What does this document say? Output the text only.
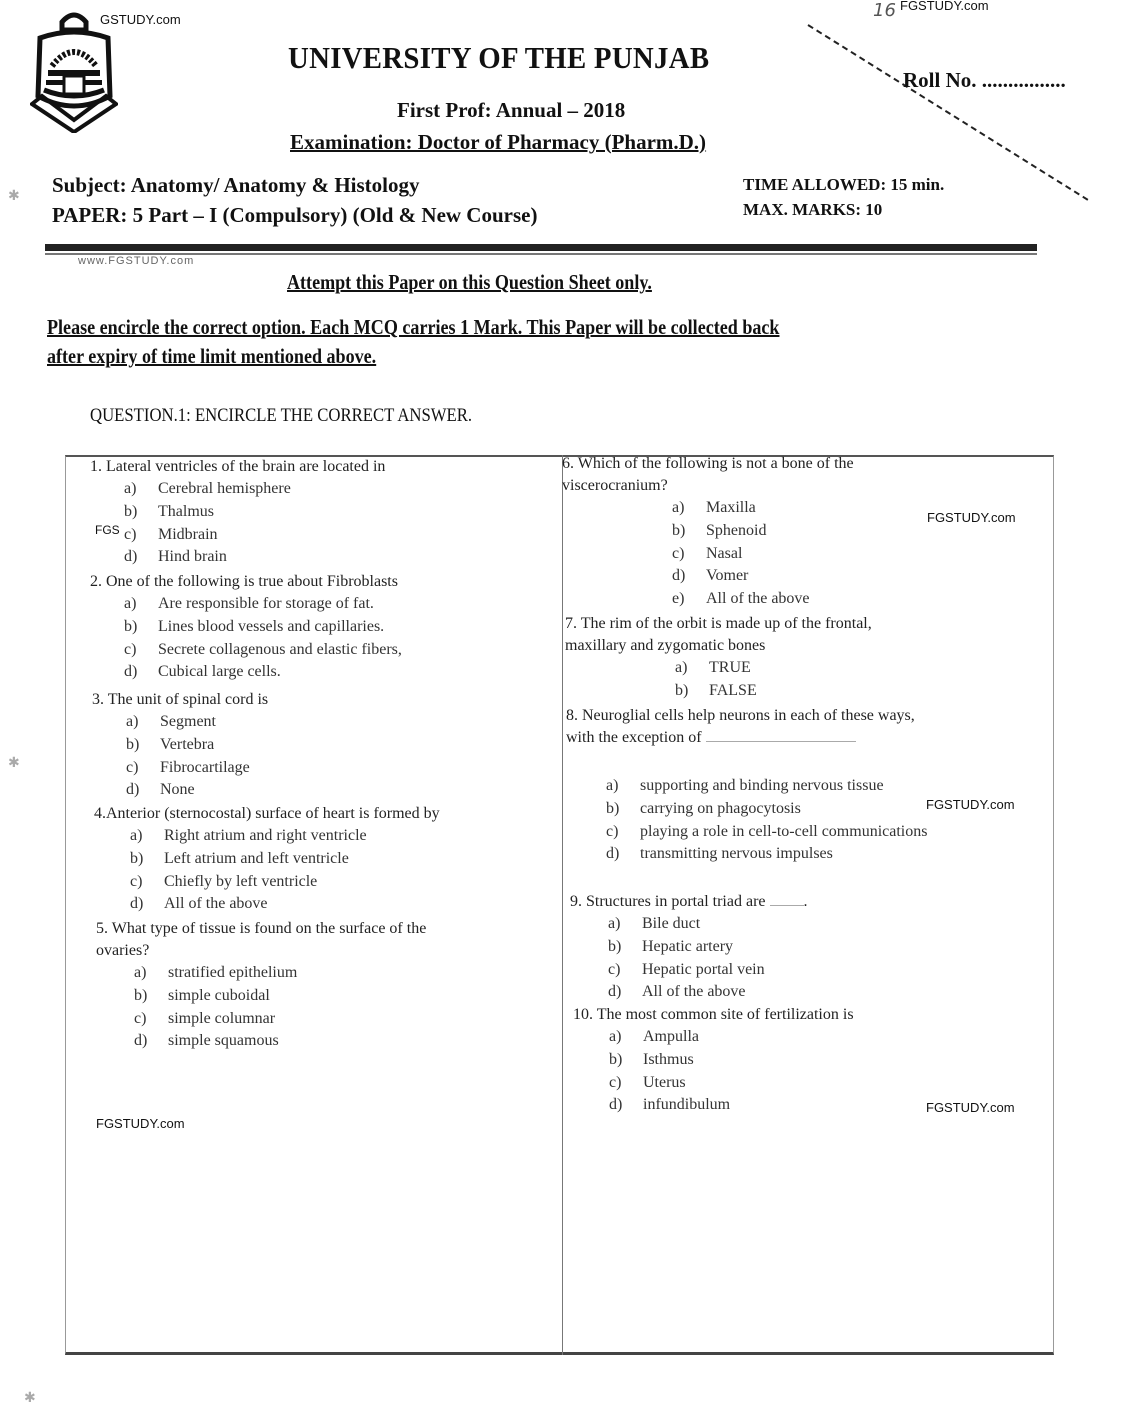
GSTUDY.com	16 FGSTUDY.com
UNIVERSITY OF THE PUNJAB
First Prof: Annual – 2018
Examination: Doctor of Pharmacy (Pharm.D.)
Roll No. ................
✱ Subject: Anatomy/ Anatomy & Histology
PAPER: 5 Part – I (Compulsory) (Old & New Course)
TIME ALLOWED: 15 min.
MAX. MARKS: 10
www.FGSTUDY.com
Attempt this Paper on this Question Sheet only.
Please encircle the correct option. Each MCQ carries 1 Mark. This Paper will be collected back
after expiry of time limit mentioned above.
✱
QUESTION.1: ENCIRCLE THE CORRECT ANSWER.
1. Lateral ventricles of the brain are located in
a) Cerebral hemisphere
b) Thalmus
c) Midbrain
d) Hind brain
FGS
2. One of the following is true about Fibroblasts
a) Are responsible for storage of fat.
b) Lines blood vessels and capillaries.
c) Secrete collagenous and elastic fibers,
d) Cubical large cells.
3. The unit of spinal cord is
a) Segment
b) Vertebra
c) Fibrocartilage
d) None
4.Anterior (sternocostal) surface of heart is formed by
a) Right atrium and right ventricle
b) Left atrium and left ventricle
c) Chiefly by left ventricle
d) All of the above
5. What type of tissue is found on the surface of the
ovaries?
a) stratified epithelium
b) simple cuboidal
c) simple columnar
d) simple squamous
FGSTUDY.com
6. Which of the following is not a bone of the
viscerocranium?
a) Maxilla
b) Sphenoid
c) Nasal
d) Vomer
e) All of the above
FGSTUDY.com
7. The rim of the orbit is made up of the frontal,
maxillary and zygomatic bones
a) TRUE
b) FALSE
8. Neuroglial cells help neurons in each of these ways,
with the exception of
a) supporting and binding nervous tissue
b) carrying on phagocytosis
c) playing a role in cell-to-cell communications
d) transmitting nervous impulses
FGSTUDY.com
9. Structures in portal triad are .
a) Bile duct
b) Hepatic artery
c) Hepatic portal vein
d) All of the above
10. The most common site of fertilization is
a) Ampulla
b) Isthmus
c) Uterus
d) infundibulum	FGSTUDY.com
✱
